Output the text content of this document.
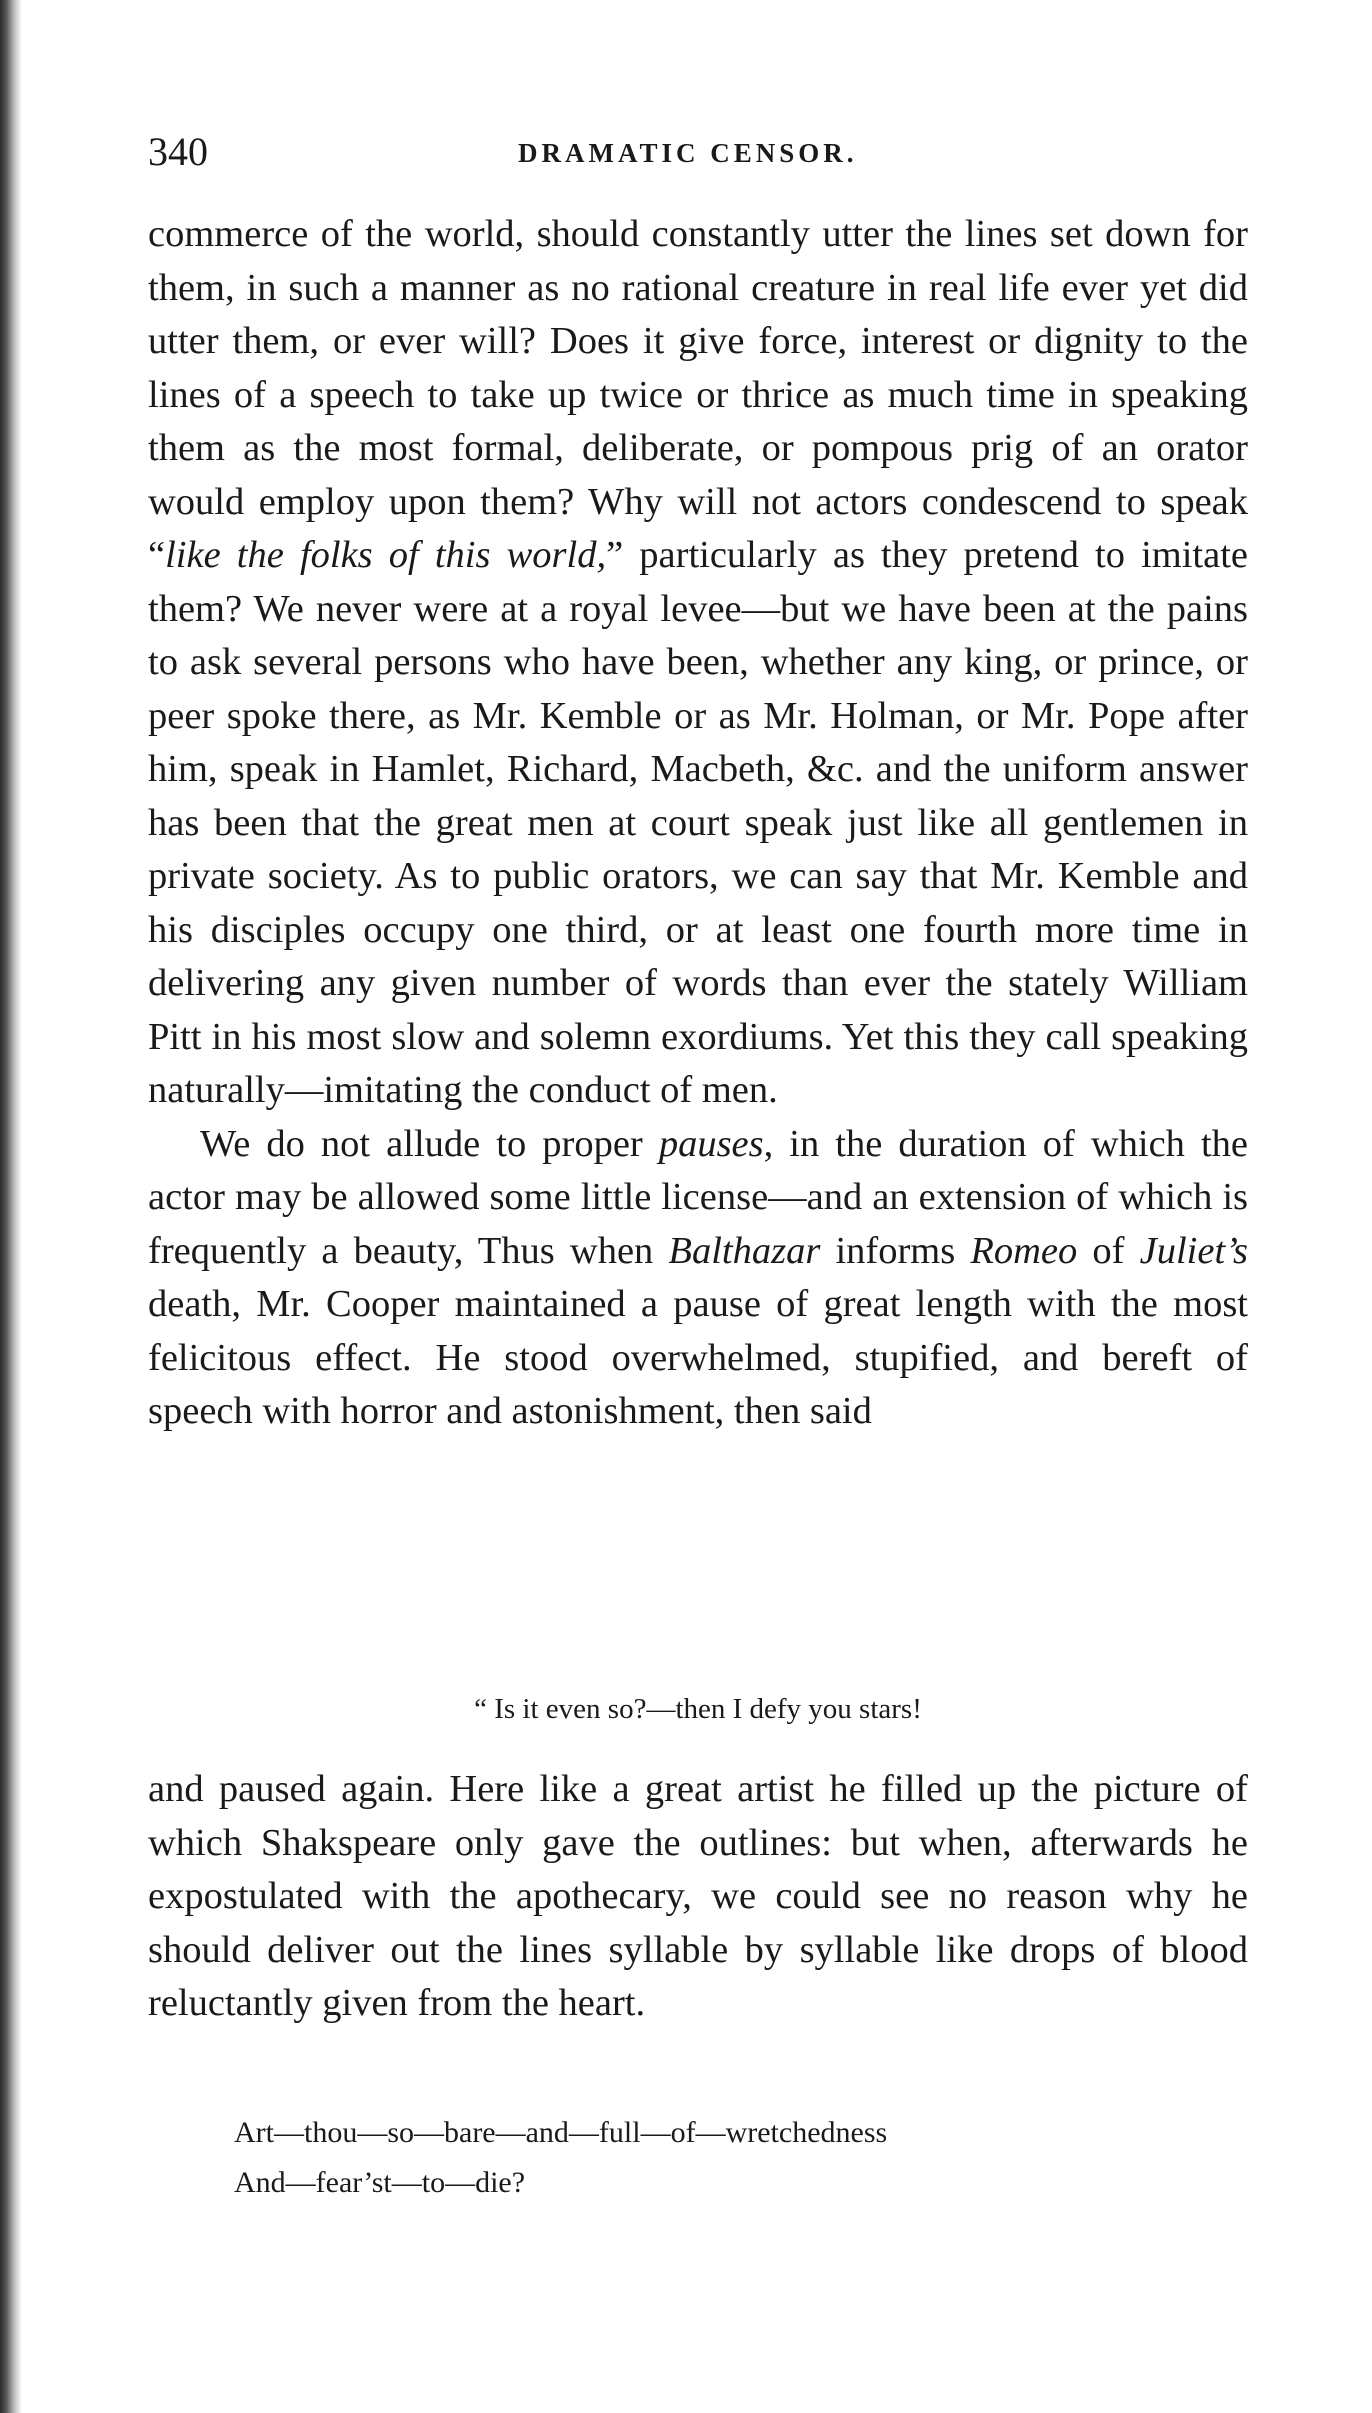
340	DRAMATIC CENSOR.

commerce of the world, should constantly utter the lines set down for them, in such a manner as no rational creature in real life ever yet did utter them, or ever will? Does it give force, interest or dignity to the lines of a speech to take up twice or thrice as much time in speaking them as the most formal, deliberate, or pompous prig of an orator would employ upon them? Why will not actors condescend to speak “like the folks of this world,” particularly as they pretend to imitate them? We never were at a royal levee—but we have been at the pains to ask several persons who have been, whether any king, or prince, or peer spoke there, as Mr. Kemble or as Mr. Holman, or Mr. Pope after him, speak in Hamlet, Richard, Macbeth, &c. and the uniform answer has been that the great men at court speak just like all gentlemen in private society. As to public orators, we can say that Mr. Kemble and his disciples occupy one third, or at least one fourth more time in delivering any given number of words than ever the stately William Pitt in his most slow and solemn exordiums. Yet this they call speaking naturally—imitating the conduct of men.

We do not allude to proper pauses, in the duration of which the actor may be allowed some little license—and an extension of which is frequently a beauty, Thus when Balthazar informs Romeo of Juliet’s death, Mr. Cooper maintained a pause of great length with the most felicitous effect. He stood overwhelmed, stupified, and bereft of speech with horror and astonishment, then said

“ Is it even so?—then I defy you stars!

and paused again. Here like a great artist he filled up the picture of which Shakspeare only gave the outlines: but when, afterwards he expostulated with the apothecary, we could see no reason why he should deliver out the lines syllable by syllable like drops of blood reluctantly given from the heart.

Art—thou—so—bare—and—full—of—wretchedness
And—fear’st—to—die?
